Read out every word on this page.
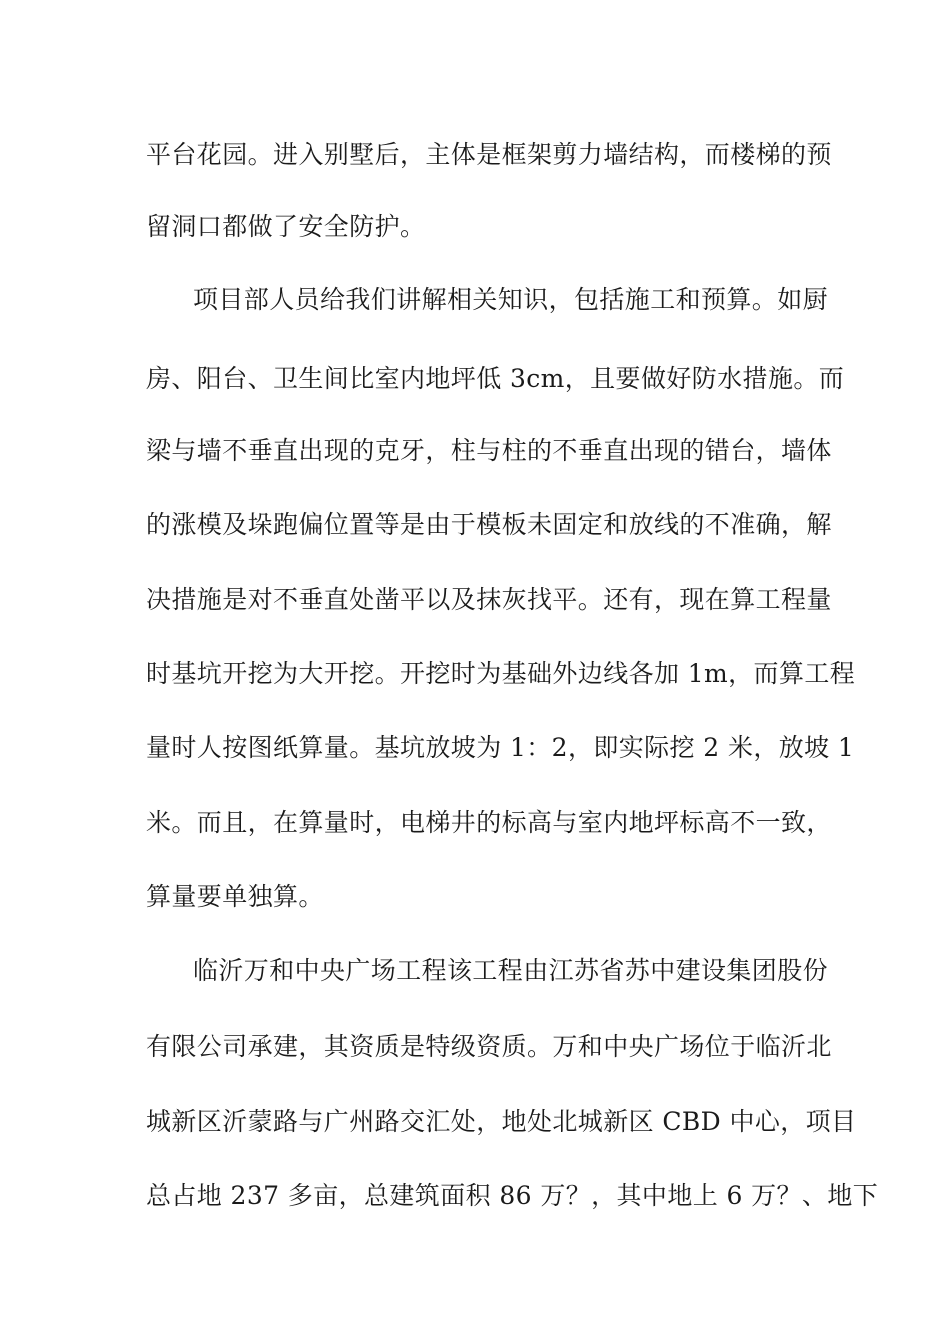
平台花园。进入别墅后，主体是框架剪力墙结构，而楼梯的预
留洞口都做了安全防护。
项目部人员给我们讲解相关知识，包括施工和预算。如厨
房、阳台、卫生间比室内地坪低 3cm，且要做好防水措施。而
梁与墙不垂直出现的克牙，柱与柱的不垂直出现的错台，墙体
的涨模及垛跑偏位置等是由于模板未固定和放线的不准确，解
决措施是对不垂直处凿平以及抹灰找平。还有，现在算工程量
时基坑开挖为大开挖。开挖时为基础外边线各加 1m，而算工程
量时人按图纸算量。基坑放坡为 1：2，即实际挖 2 米，放坡 1
米。而且，在算量时，电梯井的标高与室内地坪标高不一致，
算量要单独算。
临沂万和中央广场工程该工程由江苏省苏中建设集团股份
有限公司承建，其资质是特级资质。万和中央广场位于临沂北
城新区沂蒙路与广州路交汇处，地处北城新区 CBD 中心，项目
总占地 237 多亩，总建筑面积 86 万？，其中地上 6 万？、地下
